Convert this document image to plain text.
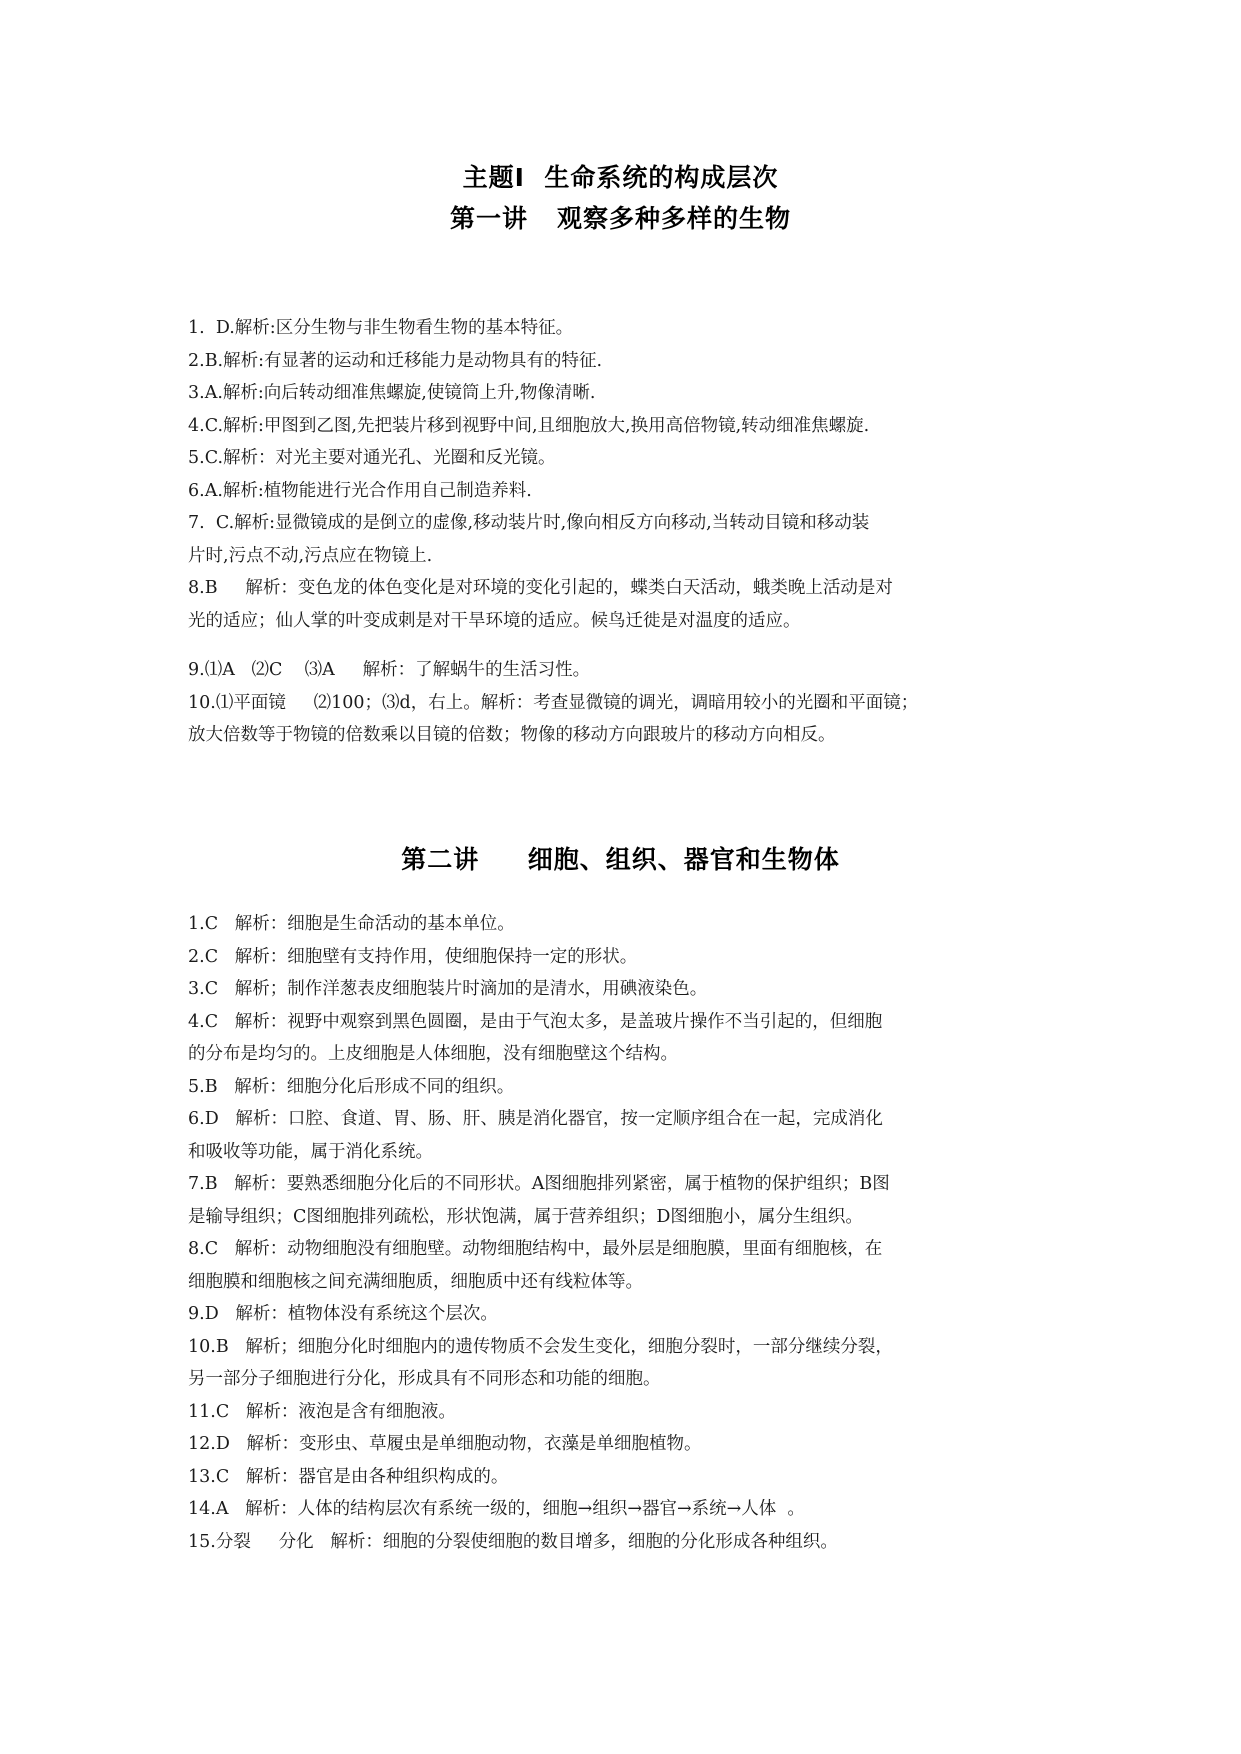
主题Ⅰ  生命系统的构成层次
第一讲   观察多种多样的生物
1.  D.解析:区分生物与非生物看生物的基本特征。
2.B.解析:有显著的运动和迁移能力是动物具有的特征.
3.A.解析:向后转动细准焦螺旋,使镜筒上升,物像清晰.
4.C.解析:甲图到乙图,先把装片移到视野中间,且细胞放大,换用高倍物镜,转动细准焦螺旋.
5.C.解析：对光主要对通光孔、光圈和反光镜。
6.A.解析:植物能进行光合作用自己制造养料.
7.  C.解析:显微镜成的是倒立的虚像,移动装片时,像向相反方向移动,当转动目镜和移动装
片时,污点不动,污点应在物镜上.
8.B     解析：变色龙的体色变化是对环境的变化引起的，蝶类白天活动，蛾类晚上活动是对
光的适应；仙人掌的叶变成刺是对干旱环境的适应。候鸟迁徙是对温度的适应。
9.⑴A   ⑵C    ⑶A     解析：了解蜗牛的生活习性。
10.⑴平面镜     ⑵100；⑶d，右上。解析：考查显微镜的调光，调暗用较小的光圈和平面镜；
放大倍数等于物镜的倍数乘以目镜的倍数；物像的移动方向跟玻片的移动方向相反。
第二讲     细胞、组织、器官和生物体
1.C   解析：细胞是生命活动的基本单位。
2.C   解析：细胞壁有支持作用，使细胞保持一定的形状。
3.C   解析；制作洋葱表皮细胞装片时滴加的是清水，用碘液染色。
4.C   解析：视野中观察到黑色圆圈，是由于气泡太多，是盖玻片操作不当引起的，但细胞
的分布是均匀的。上皮细胞是人体细胞，没有细胞壁这个结构。
5.B   解析：细胞分化后形成不同的组织。
6.D   解析：口腔、食道、胃、肠、肝、胰是消化器官，按一定顺序组合在一起，完成消化
和吸收等功能，属于消化系统。
7.B   解析：要熟悉细胞分化后的不同形状。A图细胞排列紧密，属于植物的保护组织；B图
是输导组织；C图细胞排列疏松，形状饱满，属于营养组织；D图细胞小，属分生组织。
8.C   解析：动物细胞没有细胞壁。动物细胞结构中，最外层是细胞膜，里面有细胞核，在
细胞膜和细胞核之间充满细胞质，细胞质中还有线粒体等。
9.D   解析：植物体没有系统这个层次。
10.B   解析；细胞分化时细胞内的遗传物质不会发生变化，细胞分裂时，一部分继续分裂，
另一部分子细胞进行分化，形成具有不同形态和功能的细胞。
11.C   解析：液泡是含有细胞液。
12.D   解析：变形虫、草履虫是单细胞动物，衣藻是单细胞植物。
13.C   解析：器官是由各种组织构成的。
14.A   解析：人体的结构层次有系统一级的，细胞→组织→器官→系统→人体  。
15.分裂     分化   解析：细胞的分裂使细胞的数目增多，细胞的分化形成各种组织。
